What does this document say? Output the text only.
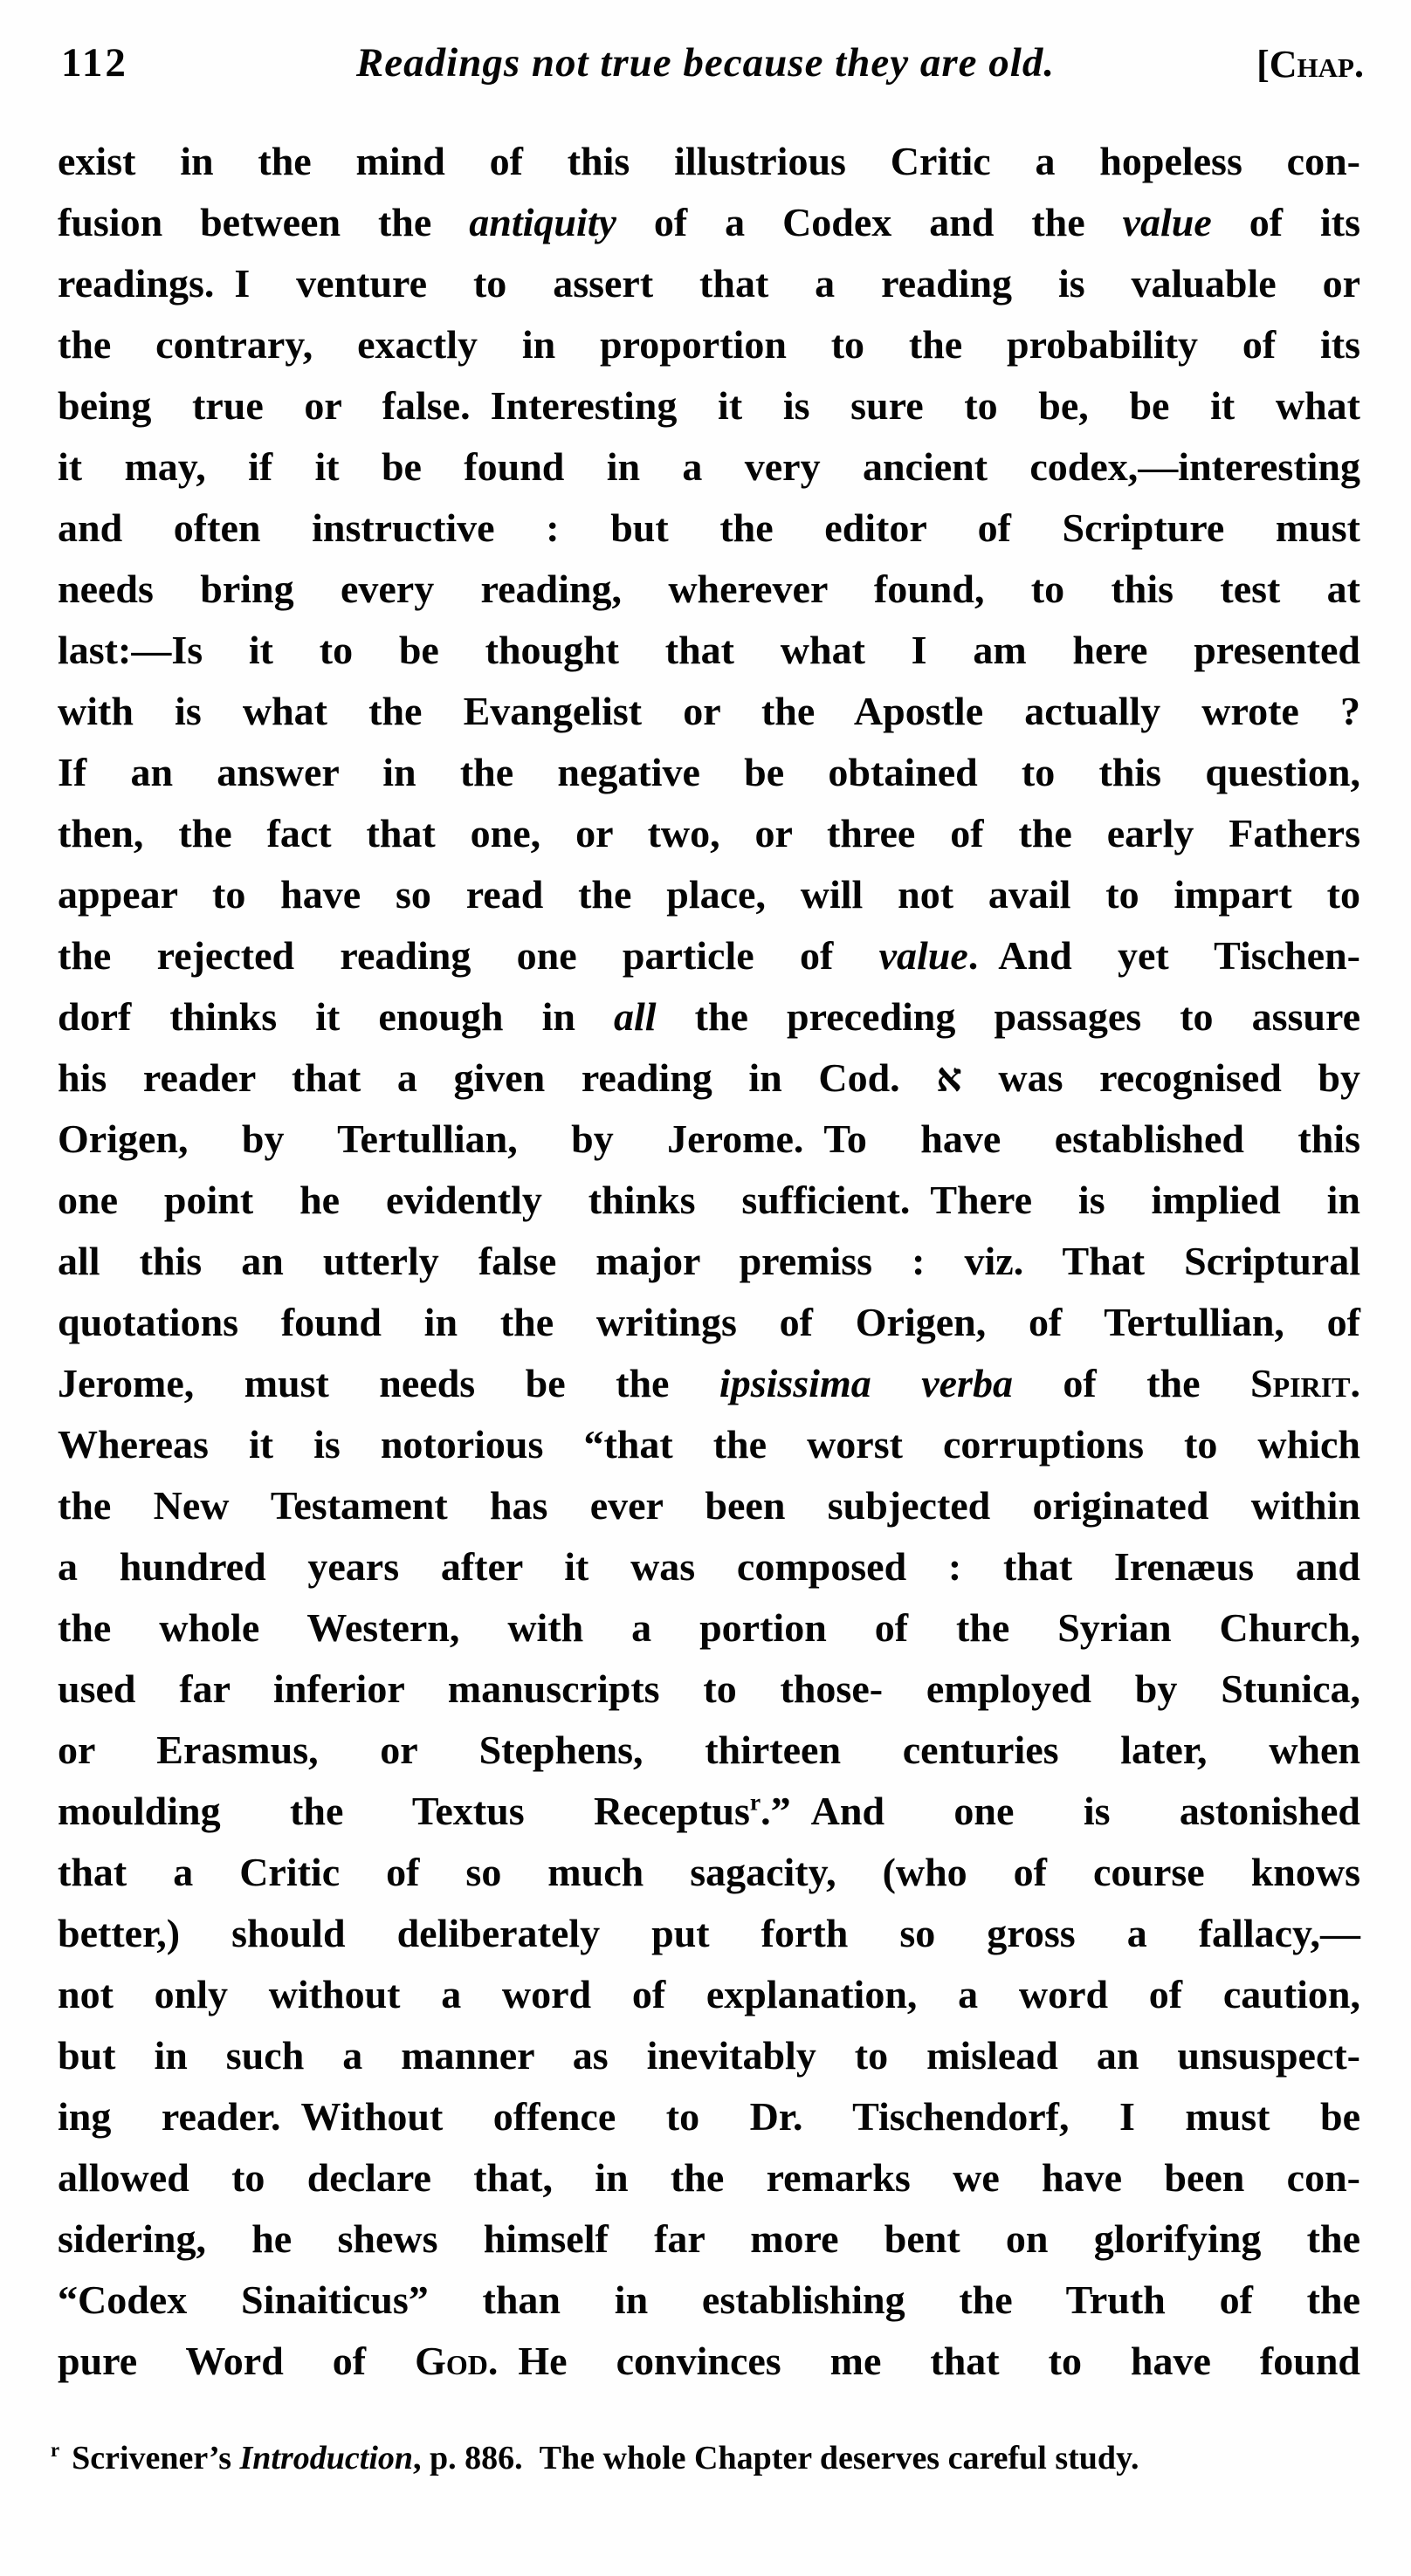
112	Readings not true because they are old.	[Chap.
exist in the mind of this illustrious Critic a hopeless con-
fusion between the antiquity of a Codex and the value of its
readings. I venture to assert that a reading is valuable or
the contrary, exactly in proportion to the probability of its
being true or false. Interesting it is sure to be, be it what
it may, if it be found in a very ancient codex,—interesting
and often instructive : but the editor of Scripture must
needs bring every reading, wherever found, to this test at
last:—Is it to be thought that what I am here presented
with is what the Evangelist or the Apostle actually wrote ?
If an answer in the negative be obtained to this question,
then, the fact that one, or two, or three of the early Fathers
appear to have so read the place, will not avail to impart to
the rejected reading one particle of value. And yet Tischen-
dorf thinks it enough in all the preceding passages to assure
his reader that a given reading in Cod. א was recognised by
Origen, by Tertullian, by Jerome. To have established this
one point he evidently thinks sufficient. There is implied in
all this an utterly false major premiss : viz. That Scriptural
quotations found in the writings of Origen, of Tertullian, of
Jerome, must needs be the ipsissima verba of the Spirit.
Whereas it is notorious “that the worst corruptions to which
the New Testament has ever been subjected originated within
a hundred years after it was composed : that Irenæus and
the whole Western, with a portion of the Syrian Church,
used far inferior manuscripts to those- employed by Stunica,
or Erasmus, or Stephens, thirteen centuries later, when
moulding the Textus Receptus$^r$.” And one is astonished
that a Critic of so much sagacity, (who of course knows
better,) should deliberately put forth so gross a fallacy,—
not only without a word of explanation, a word of caution,
but in such a manner as inevitably to mislead an unsuspect-
ing reader. Without offence to Dr. Tischendorf, I must be
allowed to declare that, in the remarks we have been con-
sidering, he shews himself far more bent on glorifying the
“Codex Sinaiticus” than in establishing the Truth of the
pure Word of God. He convinces me that to have found
$^r$ Scrivener’s Introduction, p. 886. The whole Chapter deserves careful study.
